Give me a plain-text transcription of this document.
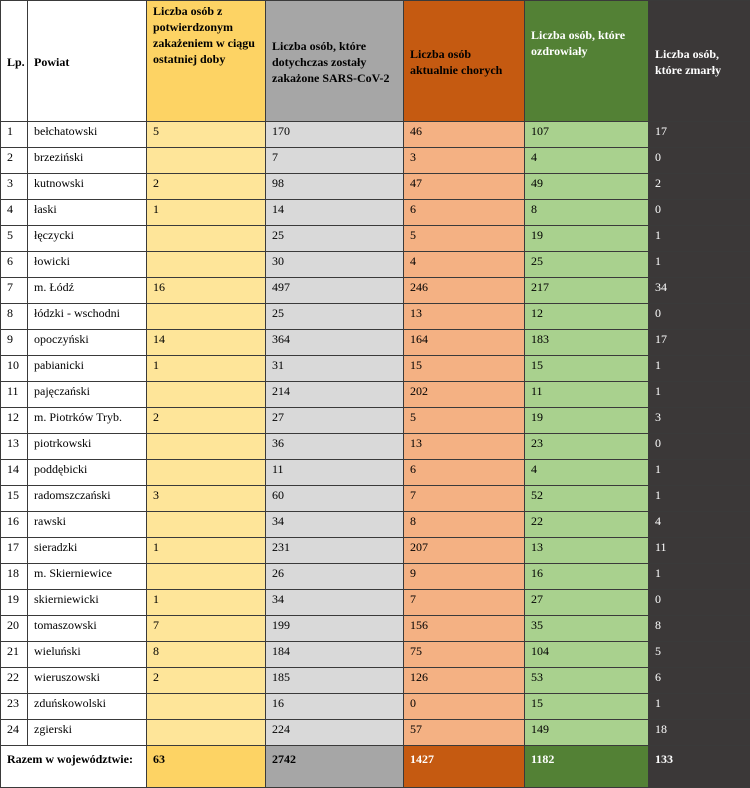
Lp.	Powiat	Liczba osób z potwierdzonym zakażeniem w ciągu ostatniej doby	Liczba osób, które dotychczas zostały zakażone SARS-CoV-2	Liczba osób aktualnie chorych	Liczba osób, które ozdrowiały	Liczba osób, które zmarły
1	bełchatowski	5	170	46	107	17
2	brzeziński		7	3	4	0
3	kutnowski	2	98	47	49	2
4	łaski	1	14	6	8	0
5	łęczycki		25	5	19	1
6	łowicki		30	4	25	1
7	m. Łódź	16	497	246	217	34
8	łódzki - wschodni		25	13	12	0
9	opoczyński	14	364	164	183	17
10	pabianicki	1	31	15	15	1
11	pajęczański		214	202	11	1
12	m. Piotrków Tryb.	2	27	5	19	3
13	piotrkowski		36	13	23	0
14	poddębicki		11	6	4	1
15	radomszczański	3	60	7	52	1
16	rawski		34	8	22	4
17	sieradzki	1	231	207	13	11
18	m. Skierniewice		26	9	16	1
19	skierniewicki	1	34	7	27	0
20	tomaszowski	7	199	156	35	8
21	wieluński	8	184	75	104	5
22	wieruszowski	2	185	126	53	6
23	zduńskowolski		16	0	15	1
24	zgierski		224	57	149	18
Razem w województwie:		63	2742	1427	1182	133
